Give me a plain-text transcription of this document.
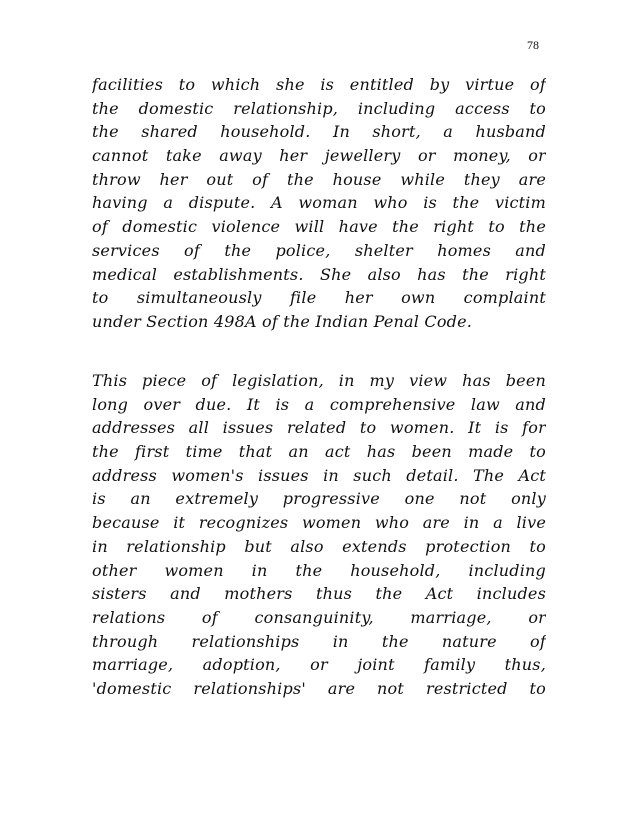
78
facilities to which she is entitled by virtue of
the domestic relationship, including access to
the shared household. In short, a husband
cannot take away her jewellery or money, or
throw her out of the house while they are
having a dispute. A woman who is the victim
of domestic violence will have the right to the
services of the police, shelter homes and
medical establishments. She also has the right
to simultaneously file her own complaint
under Section 498A of the Indian Penal Code.
This piece of legislation, in my view has been
long over due. It is a comprehensive law and
addresses all issues related to women. It is for
the first time that an act has been made to
address women's issues in such detail. The Act
is an extremely progressive one not only
because it recognizes women who are in a live
in relationship but also extends protection to
other women in the household, including
sisters and mothers thus the Act includes
relations of consanguinity, marriage, or
through relationships in the nature of
marriage, adoption, or joint family thus,
'domestic relationships' are not restricted to
